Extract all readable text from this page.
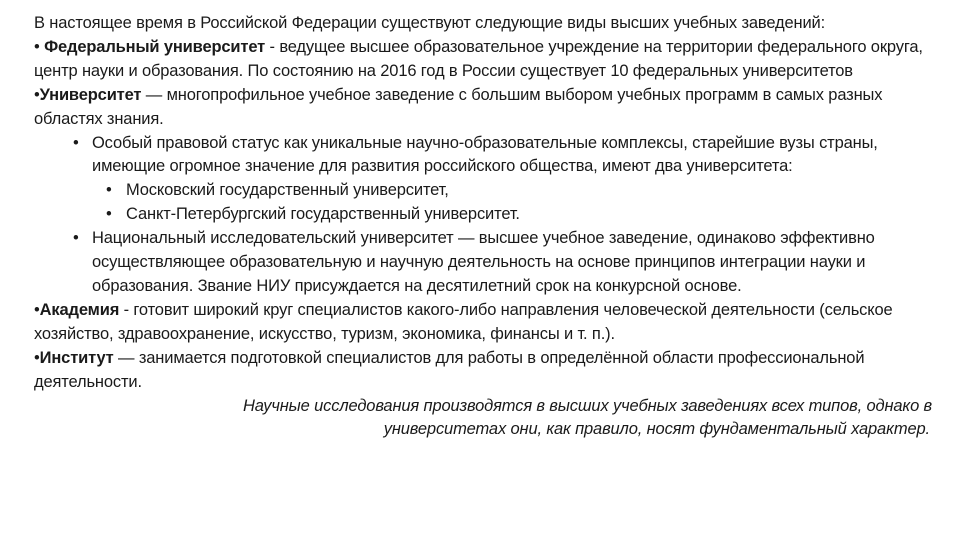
В настоящее время в Российской Федерации существуют следующие виды высших учебных заведений:

• Федеральный университет - ведущее высшее образовательное учреждение на территории федерального округа, центр науки и образования. По состоянию на 2016 год в России существует 10 федеральных университетов

•Университет — многопрофильное учебное заведение с большим выбором учебных программ в самых разных областях знания.

• Особый правовой статус как уникальные научно-образовательные комплексы, старейшие вузы страны, имеющие огромное значение для развития российского общества, имеют два университета:

• Московский государственный университет,

• Санкт-Петербургский государственный университет.

• Национальный исследовательский университет — высшее учебное заведение, одинаково эффективно осуществляющее образовательную и научную деятельность на основе принципов интеграции науки и образования. Звание НИУ присуждается на десятилетний срок на конкурсной основе.

•Академия - готовит широкий круг специалистов какого-либо направления человеческой деятельности (сельское хозяйство, здравоохранение, искусство, туризм, экономика, финансы и т. п.).

•Институт — занимается подготовкой специалистов для работы в определённой области профессиональной деятельности.

Научные исследования производятся в высших учебных заведениях всех типов, однако в

университетах они, как правило, носят фундаментальный характер.
